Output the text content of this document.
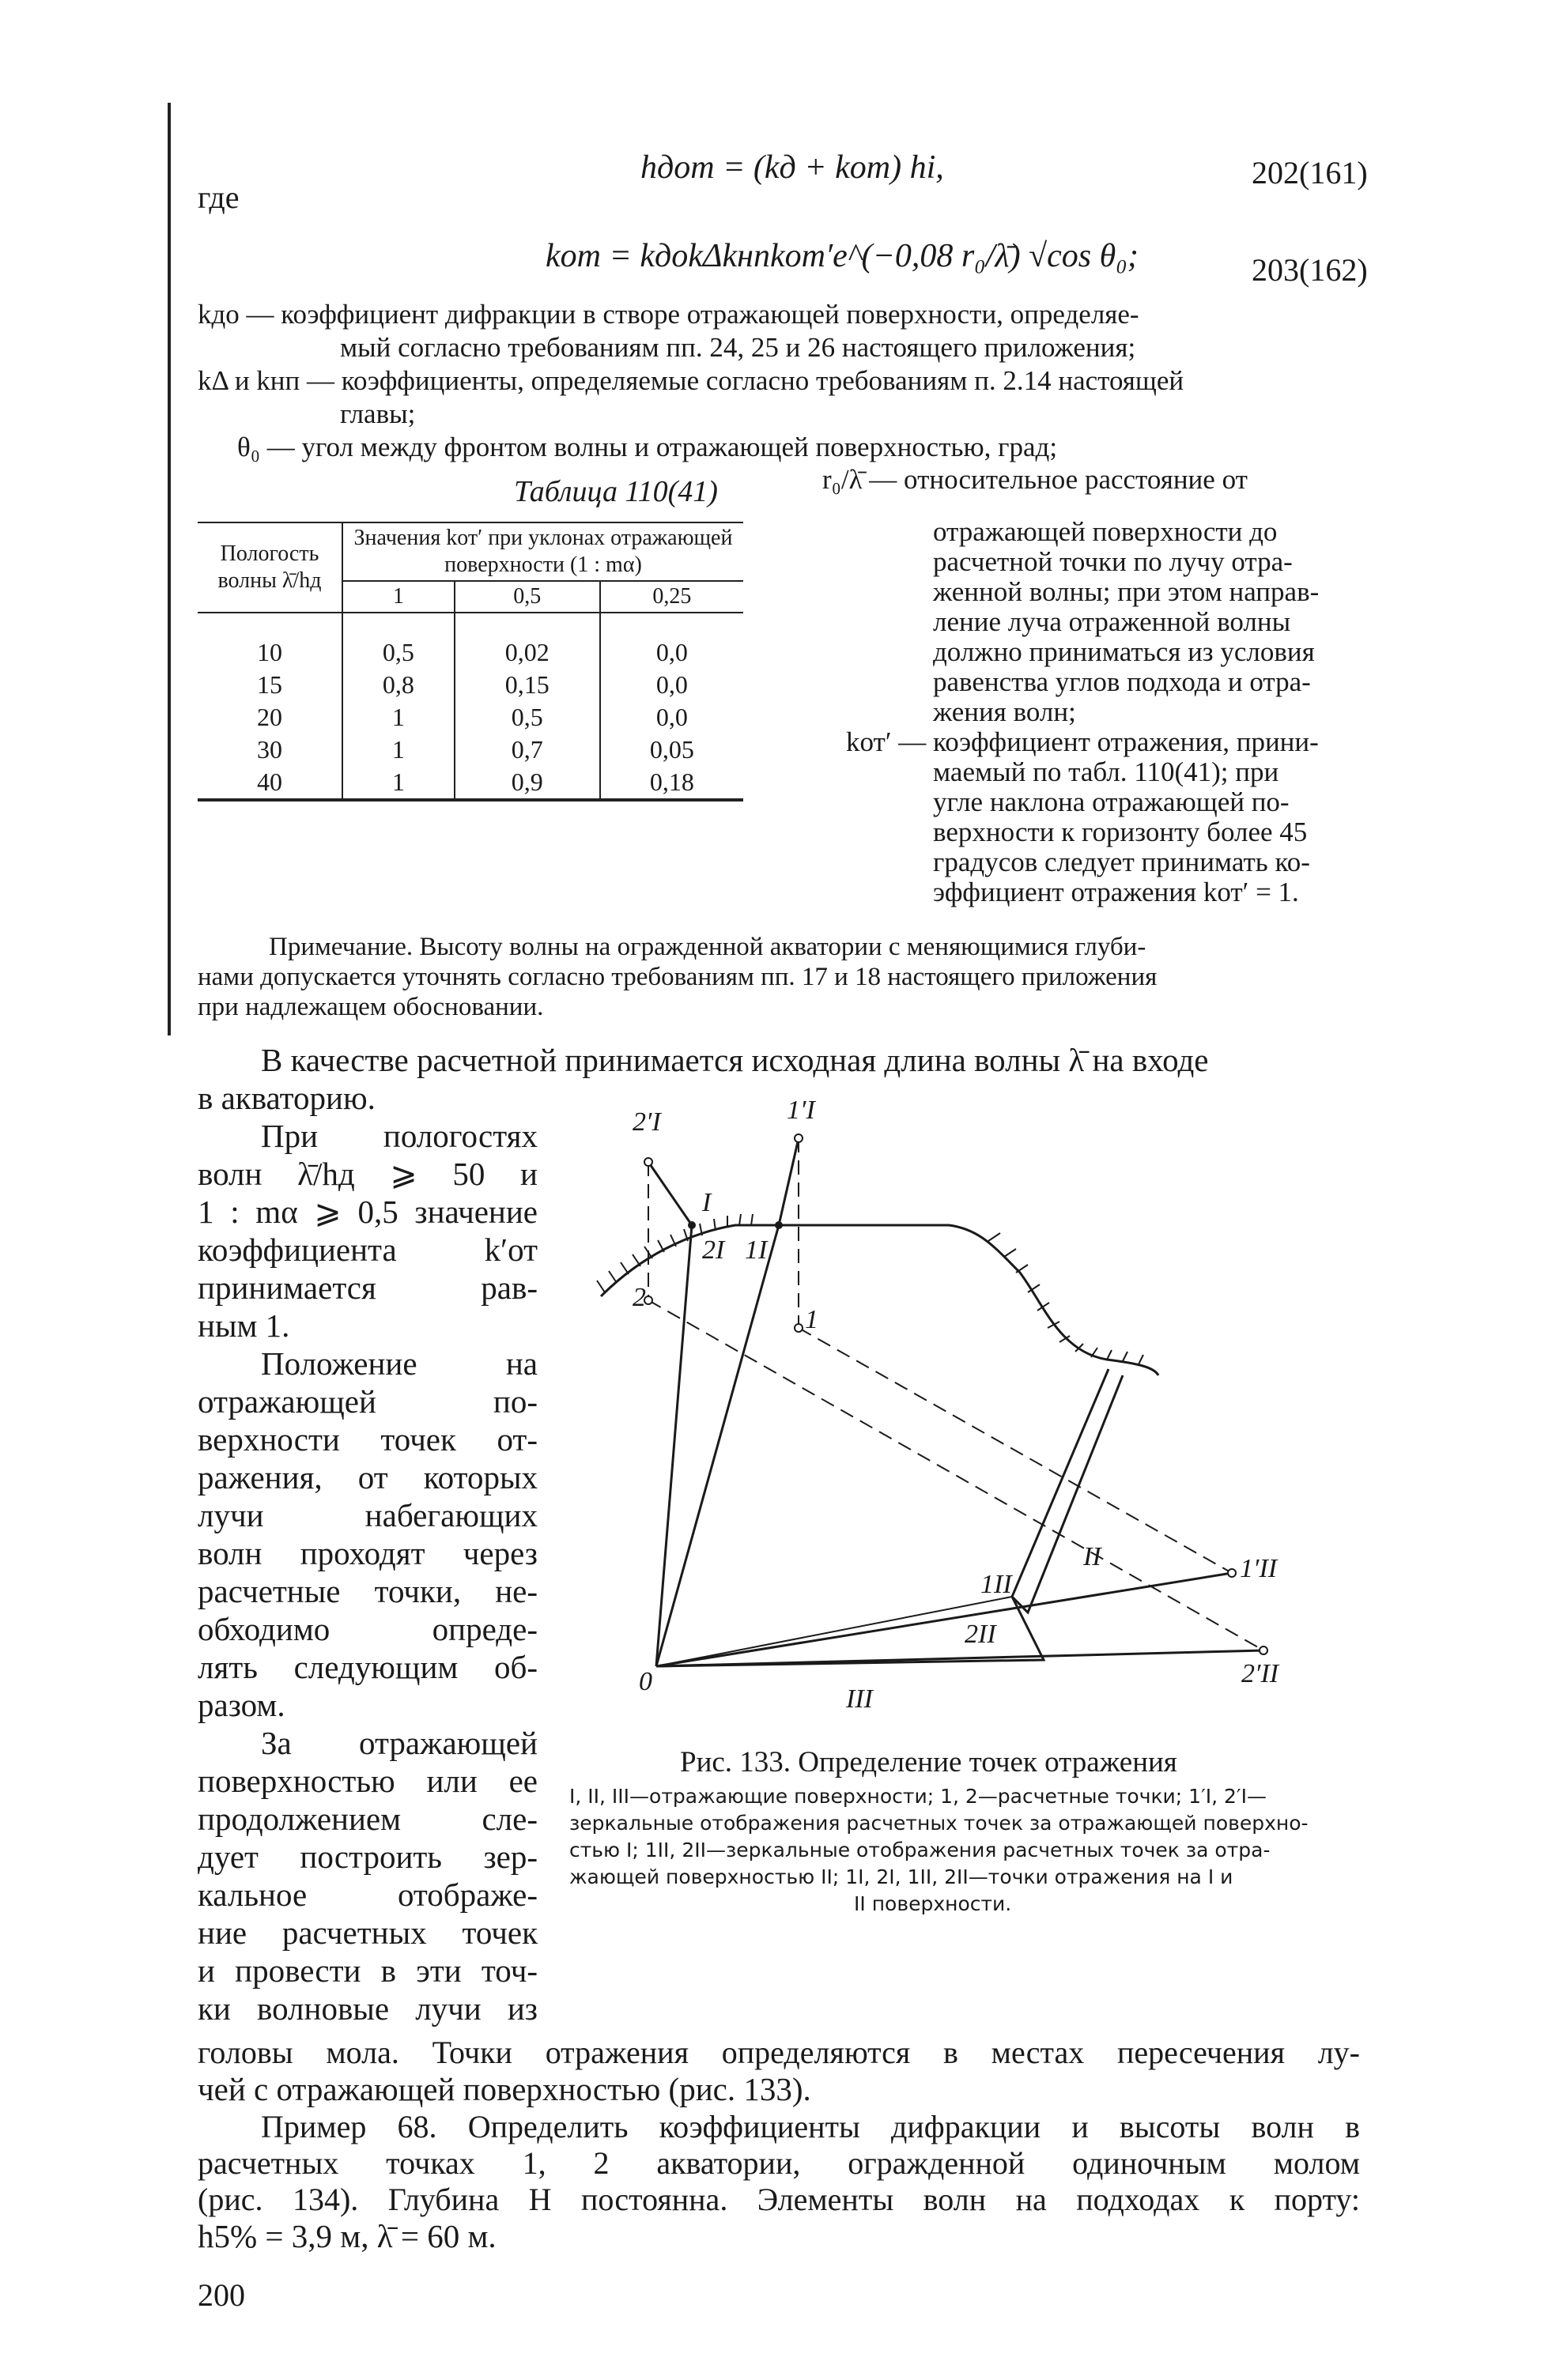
hдот = (kд + kот) hi,	202(161)
где
kот = kдоkΔkнпkот′e^(−0,08 r₀/λ̄) √cos θ₀;	203(162)
kдо — коэффициент дифракции в створе отражающей поверхности, определяе-
мый согласно требованиям пп. 24, 25 и 26 настоящего приложения;
kΔ и kнп — коэффициенты, определяемые согласно требованиям п. 2.14 настоящей
главы;
θ₀ — угол между фронтом волны и отражающей поверхностью, град;
Таблица 110(41)
Пологость волны λ̄/hд	Значения kот′ при уклонах отражающей поверхности (1 : mα)		
	1	0,5	0,25

10	0,5	0,02	0,0
15	0,8	0,15	0,0
20	1	0,5	0,0
30	1	0,7	0,05
40	1	0,9	0,18
r₀/λ̄ — относительное расстояние от
отражающей поверхности до
расчетной точки по лучу отра-
женной волны; при этом направ-
ление луча отраженной волны
должно приниматься из условия
равенства углов подхода и отра-
жения волн;
kот′ — коэффициент отражения, прини-
маемый по табл. 110(41); при
угле наклона отражающей по-
верхности к горизонту более 45
градусов следует принимать ко-
эффициент отражения kот′ = 1.
Примечание. Высоту волны на огражденной акватории с меняющимися глуби-
нами допускается уточнять согласно требованиям пп. 17 и 18 настоящего приложения
при надлежащем обосновании.
В качестве расчетной принимается исходная длина волны λ̄ на входе
в акваторию.
При пологостях
волн λ̄/hд ⩾ 50 и
1 : mα ⩾ 0,5 значение
коэффициента k′от
принимается рав-
ным 1.
Положение на
отражающей по-
верхности точек от-
ражения, от которых
лучи набегающих
волн проходят через
расчетные точки, не-
обходимо опреде-
лять следующим об-
разом.
За отражающей
поверхностью или ее
продолжением сле-
дует построить зер-
кальное отображе-
ние расчетных точек
и провести в эти точ-
ки волновые лучи из
2′I	1′I
I
2I 1I
2
1
1′II
II
1II
2II
2′II
0
III
Рис. 133. Определение точек отражения
I, II, III—отражающие поверхности; 1, 2—расчетные точки; 1′I, 2′I—
зеркальные отображения расчетных точек за отражающей поверхно-
стью I; 1II, 2II—зеркальные отображения расчетных точек за отра-
жающей поверхностью II; 1I, 2I, 1II, 2II—точки отражения на I и
II поверхности.
головы мола. Точки отражения определяются в местах пересечения лу-
чей с отражающей поверхностью (рис. 133).
Пример 68. Определить коэффициенты дифракции и высоты волн в
расчетных точках 1, 2 акватории, огражденной одиночным молом
(рис. 134). Глубина H постоянна. Элементы волн на подходах к порту:
h5% = 3,9 м, λ̄ = 60 м.
200
